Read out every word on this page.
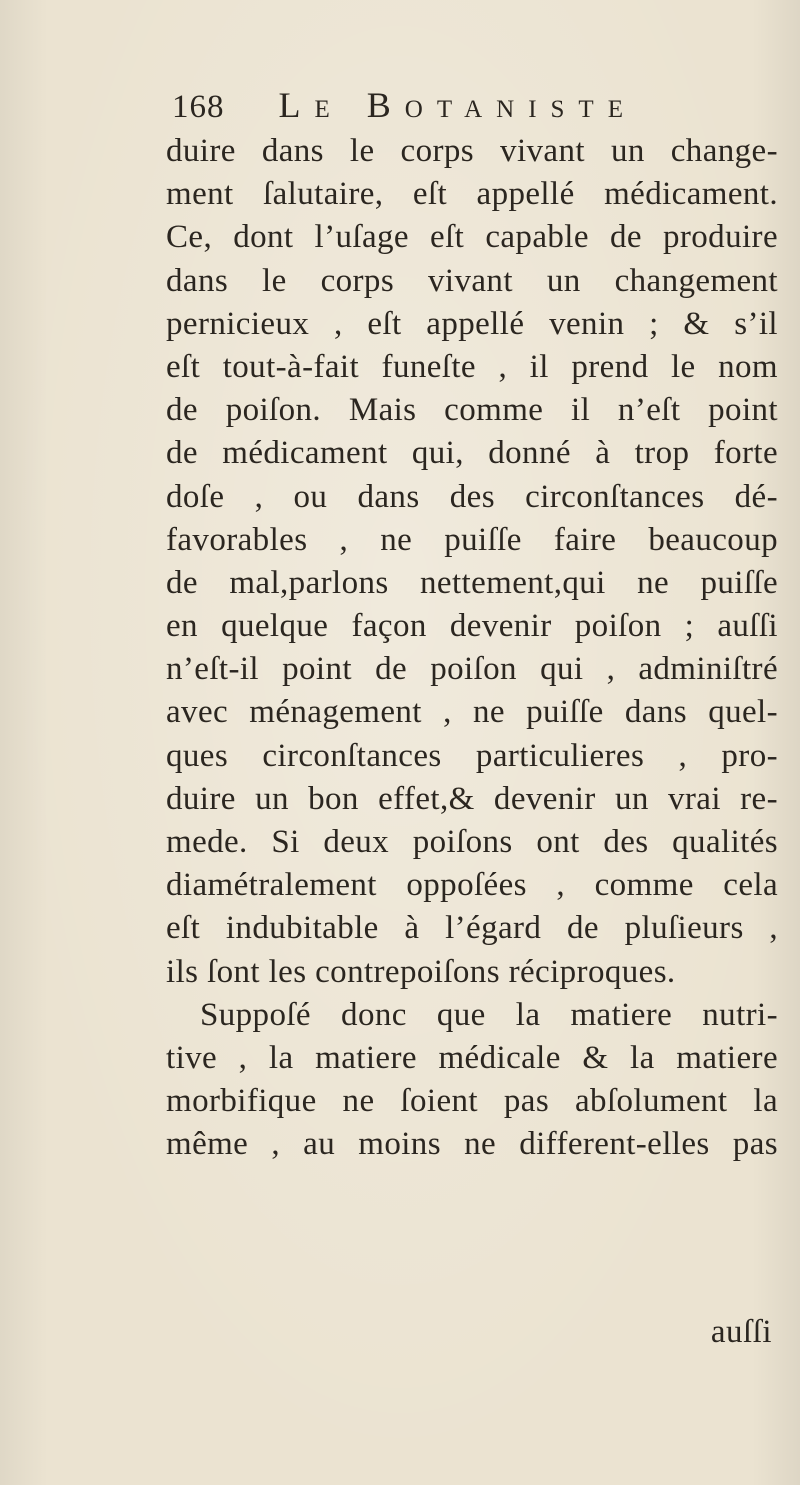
168 Le Botaniste
duire dans le corps vivant un change-
ment ſalutaire, eſt appellé médicament.
Ce, dont l’uſage eſt capable de produire
dans le corps vivant un changement
pernicieux , eſt appellé venin ; & s’il
eſt tout-à-fait funeſte , il prend le nom
de poiſon. Mais comme il n’eſt point
de médicament qui, donné à trop forte
doſe , ou dans des circonſtances dé-
favorables , ne puiſſe faire beaucoup
de mal,parlons nettement,qui ne puiſſe
en quelque façon devenir poiſon ; auſſi
n’eſt-il point de poiſon qui , adminiſtré
avec ménagement , ne puiſſe dans quel-
ques circonſtances particulieres , pro-
duire un bon effet,& devenir un vrai re-
mede. Si deux poiſons ont des qualités
diamétralement oppoſées , comme cela
eſt indubitable à l’égard de pluſieurs ,
ils ſont les contrepoiſons réciproques.
Suppoſé donc que la matiere nutri-
tive , la matiere médicale & la matiere
morbifique ne ſoient pas abſolument la
même , au moins ne different-elles pas
auſſi
